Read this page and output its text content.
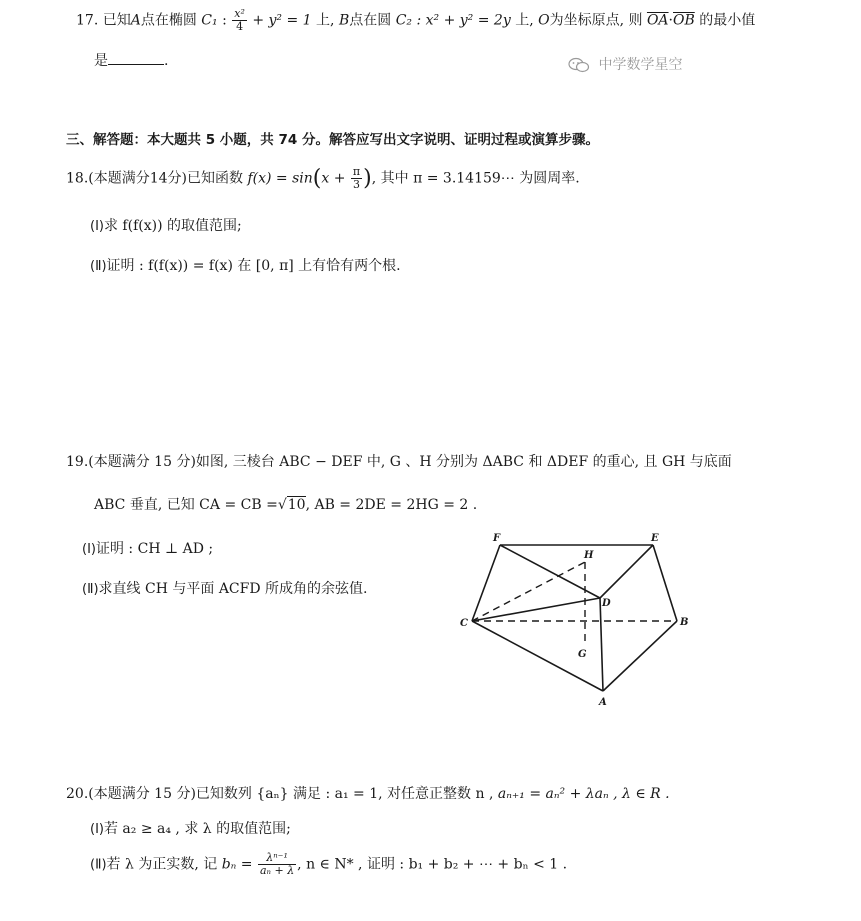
17. 已知A点在椭圆 C₁ : $\frac{\text{x²}}{4} + y^2 = 1$ 上, B点在圆 C₂ : x² + y² = 2y 上, O为坐标原点, 则 $\overline{OA}\cdot\overline{OB}$ 的最小值
是	.	中学数学星空
三、解答题：本大题共 5 小题，共 74 分。解答应写出文字说明、证明过程或演算步骤。
18.(本题满分14分)已知函数 $f(x) = \sin(x + \frac{\pi}{3}$ ), 其中 π = 3.14159⋯ 为圆周率.
(Ⅰ)求 f(f(x)) 的取值范围;
(Ⅱ)证明 : f(f(x)) = f(x) 在 [0, π] 上有恰有两个根.
19.(本题满分 15 分)如图, 三棱台 ABC − DEF 中, G 、H 分别为 ΔABC 和 ΔDEF 的重心, 且 GH 与底面
ABC 垂直, 已知 CA = CB =√10, AB = 2DE = 2HG = 2 .
(Ⅰ)证明 : CH ⊥ AD ;
(Ⅱ)求直线 CH 与平面 ACFD 所成角的余弦值.
F	E
H
D
C	B
G
A
20.(本题满分 15 分)已知数列 {aₙ} 满足 : a₁ = 1, 对任意正整数 n , aₙ₊₁ = aₙ² + λaₙ , λ ∈ R .
(Ⅰ)若 a₂ ≥ a₄ , 求 λ 的取值范围;
(Ⅱ)若 λ 为正实数, 记 $b_n = \frac{\text{λⁿ⁻¹}}{\text{aₙ + λ}}$ , n ∈ N* , 证明 : b₁ + b₂ + ⋯ + bₙ < 1 .
